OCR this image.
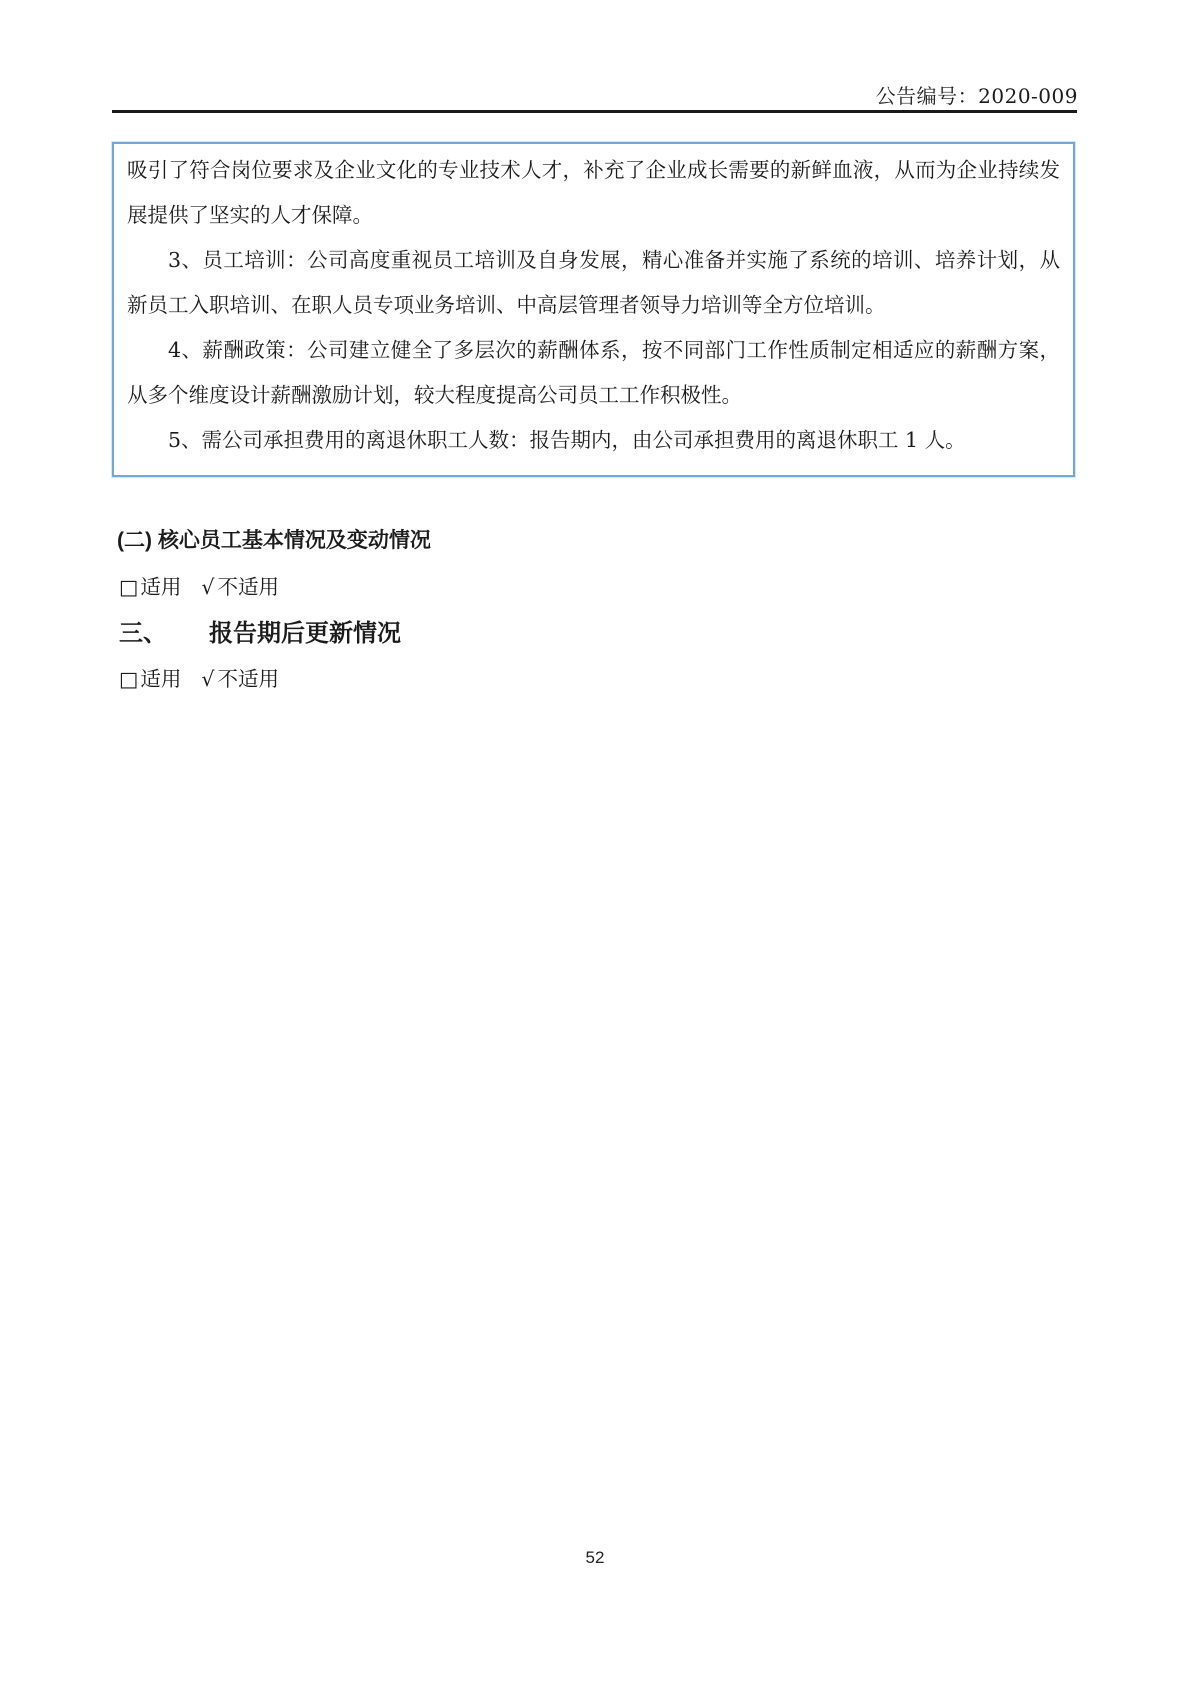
公告编号：2020-009

吸引了符合岗位要求及企业文化的专业技术人才，补充了企业成长需要的新鲜血液，从而为企业持续发展提供了坚实的人才保障。

3、员工培训：公司高度重视员工培训及自身发展，精心准备并实施了系统的培训、培养计划，从新员工入职培训、在职人员专项业务培训、中高层管理者领导力培训等全方位培训。

4、薪酬政策：公司建立健全了多层次的薪酬体系，按不同部门工作性质制定相适应的薪酬方案，从多个维度设计薪酬激励计划，较大程度提高公司员工工作积极性。

5、需公司承担费用的离退休职工人数：报告期内，由公司承担费用的离退休职工 1 人。

(二) 核心员工基本情况及变动情况
□适用 √ 不适用
三、 报告期后更新情况
□适用 √ 不适用
52
